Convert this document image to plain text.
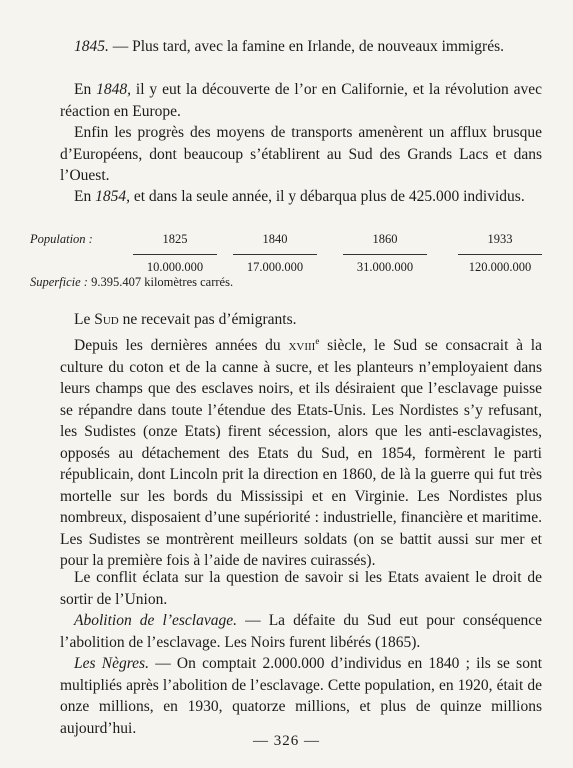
1845. — Plus tard, avec la famine en Irlande, de nouveaux immigrés.

En 1848, il y eut la découverte de l’or en Californie, et la révolution avec réaction en Europe.

Enfin les progrès des moyens de transports amenèrent un afflux brusque d’Européens, dont beaucoup s’établirent au Sud des Grands Lacs et dans l’Ouest.

En 1854, et dans la seule année, il y débarqua plus de 425.000 individus.

Population :	1825
10.000.000
1840
17.000.000
1860
31.000.000
1933
120.000.000
Superficie : 9.395.407 kilomètres carrés.

Le Sud ne recevait pas d’émigrants.

Depuis les dernières années du xviii$^e$ siècle, le Sud se consacrait à la culture du coton et de la canne à sucre, et les planteurs n’employaient dans leurs champs que des esclaves noirs, et ils désiraient que l’esclavage puisse se répandre dans toute l’étendue des Etats-Unis. Les Nordistes s’y refusant, les Sudistes (onze Etats) firent sécession, alors que les anti-esclavagistes, opposés au détachement des Etats du Sud, en 1854, formèrent le parti républicain, dont Lincoln prit la direction en 1860, de là la guerre qui fut très mortelle sur les bords du Mississipi et en Virginie. Les Nordistes plus nombreux, disposaient d’une supériorité : industrielle, financière et maritime. Les Sudistes se montrèrent meilleurs soldats (on se battit aussi sur mer et pour la première fois à l’aide de navires cuirassés).

Le conflit éclata sur la question de savoir si les Etats avaient le droit de sortir de l’Union.

Abolition de l’esclavage. — La défaite du Sud eut pour conséquence l’abolition de l’esclavage. Les Noirs furent libérés (1865).

Les Nègres. — On comptait 2.000.000 d’individus en 1840 ; ils se sont multipliés après l’abolition de l’esclavage. Cette population, en 1920, était de onze millions, en 1930, quatorze millions, et plus de quinze millions aujourd’hui.

— 326 —
